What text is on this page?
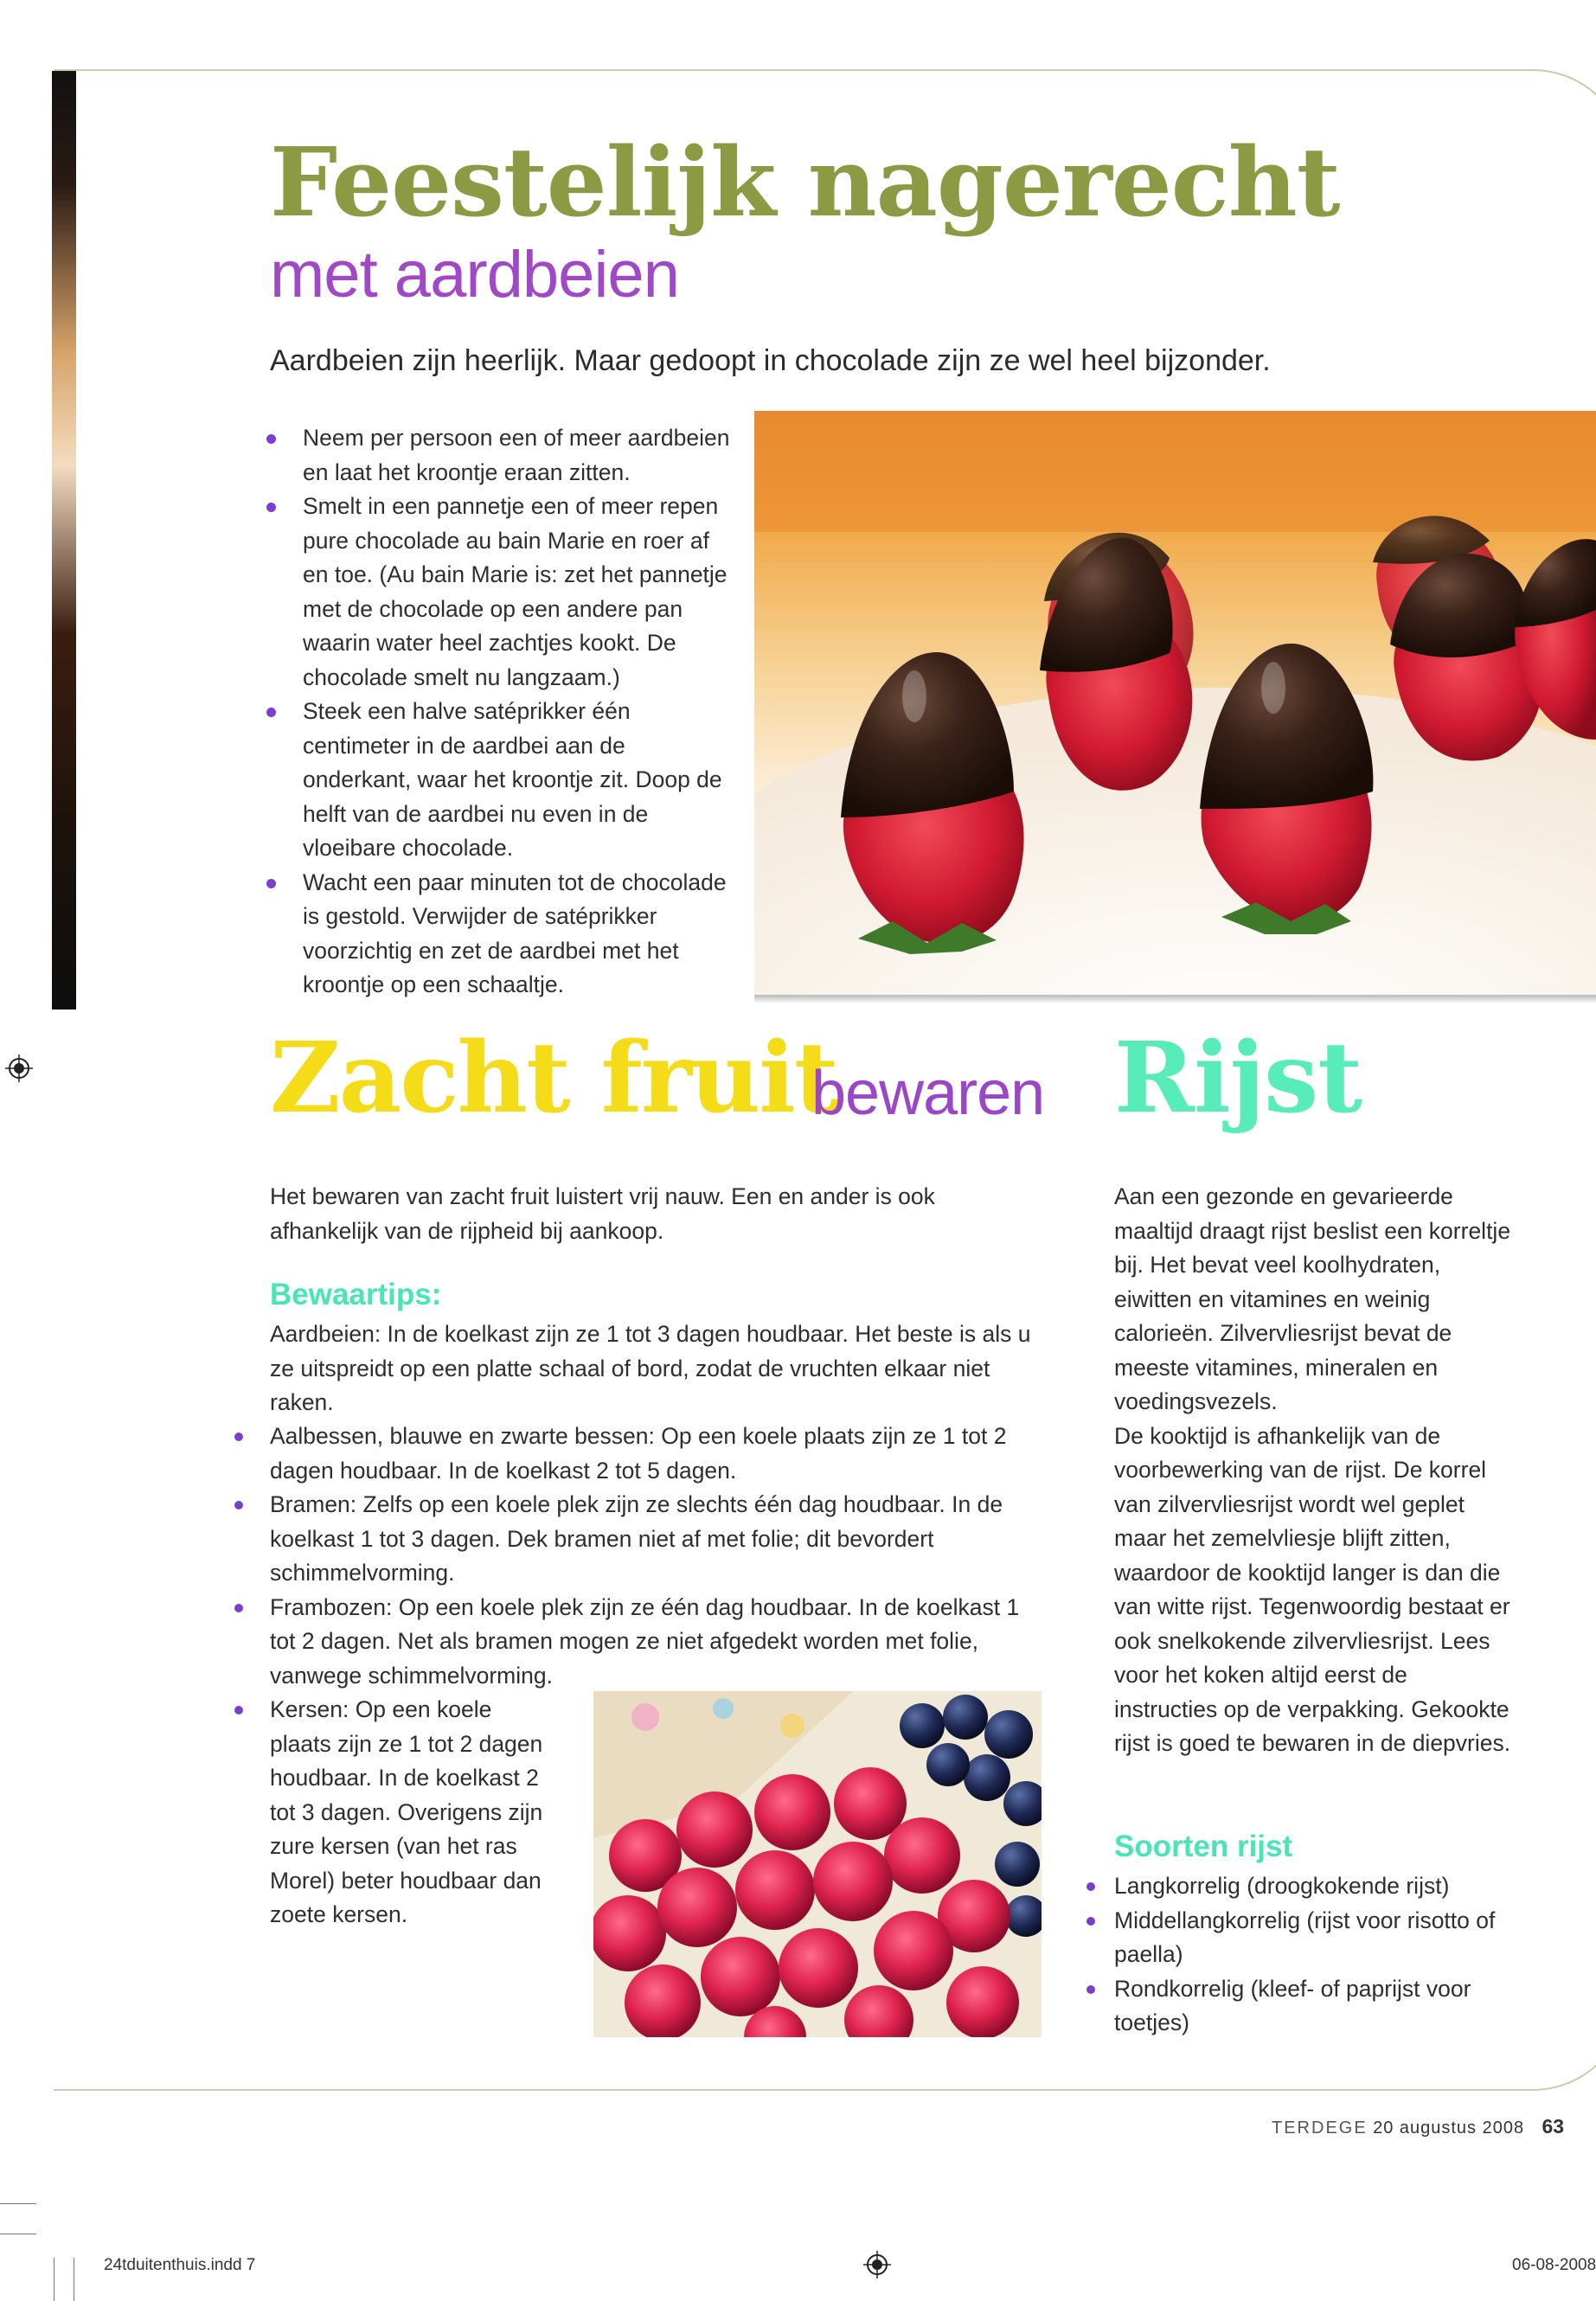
Feestelijk nagerecht
met aardbeien
Aardbeien zijn heerlijk. Maar gedoopt in chocolade zijn ze wel heel bijzonder.
Neem per persoon een of meer aardbeien en laat het kroontje eraan zitten.
Smelt in een pannetje een of meer repen pure chocolade au bain Marie en roer af en toe. (Au bain Marie is: zet het pannetje met de chocolade op een andere pan waarin water heel zachtjes kookt. De chocolade smelt nu langzaam.)
Steek een halve satéprikker één centimeter in de aardbei aan de onderkant, waar het kroontje zit. Doop de helft van de aardbei nu even in de vloeibare chocolade.
Wacht een paar minuten tot de chocolade is gestold. Verwijder de satéprikker voorzichtig en zet de aardbei met het kroontje op een schaaltje.
Zacht fruit
bewaren
Het bewaren van zacht fruit luistert vrij nauw. Een en ander is ook afhankelijk van de rijpheid bij aankoop.
Bewaartips:
Aardbeien: In de koelkast zijn ze 1 tot 3 dagen houdbaar. Het beste is als u ze uitspreidt op een platte schaal of bord, zodat de vruchten elkaar niet raken.
Aalbessen, blauwe en zwarte bessen: Op een koele plaats zijn ze 1 tot 2 dagen houdbaar. In de koelkast 2 tot 5 dagen.
Bramen: Zelfs op een koele plek zijn ze slechts één dag houdbaar. In de koelkast 1 tot 3 dagen. Dek bramen niet af met folie; dit bevordert schimmelvorming.
Frambozen: Op een koele plek zijn ze één dag houdbaar. In de koelkast 1 tot 2 dagen. Net als bramen mogen ze niet afgedekt worden met folie, vanwege schimmelvorming.
Kersen: Op een koele plaats zijn ze 1 tot 2 dagen houdbaar. In de koelkast 2 tot 3 dagen. Overigens zijn zure kersen (van het ras Morel) beter houdbaar dan zoete kersen.
Rijst
Aan een gezonde en gevarieerde maaltijd draagt rijst beslist een korreltje bij. Het bevat veel koolhydraten, eiwitten en vitamines en weinig calorieën. Zilvervliesrijst bevat de meeste vitamines, mineralen en voedingsvezels.
De kooktijd is afhankelijk van de voorbewerking van de rijst. De korrel van zilvervliesrijst wordt wel geplet maar het zemelvliesje blijft zitten, waardoor de kooktijd langer is dan die van witte rijst. Tegenwoordig bestaat er ook snelkokende zilvervliesrijst. Lees voor het koken altijd eerst de instructies op de verpakking. Gekookte rijst is goed te bewaren in de diepvries.
Soorten rijst
Langkorrelig (droogkokende rijst)
Middellangkorrelig (rijst voor risotto of paella)
Rondkorrelig (kleef- of paprijst voor toetjes)
TERDEGE 20 augustus 2008 63
24tduitenthuis.indd 7	06-08-2008
